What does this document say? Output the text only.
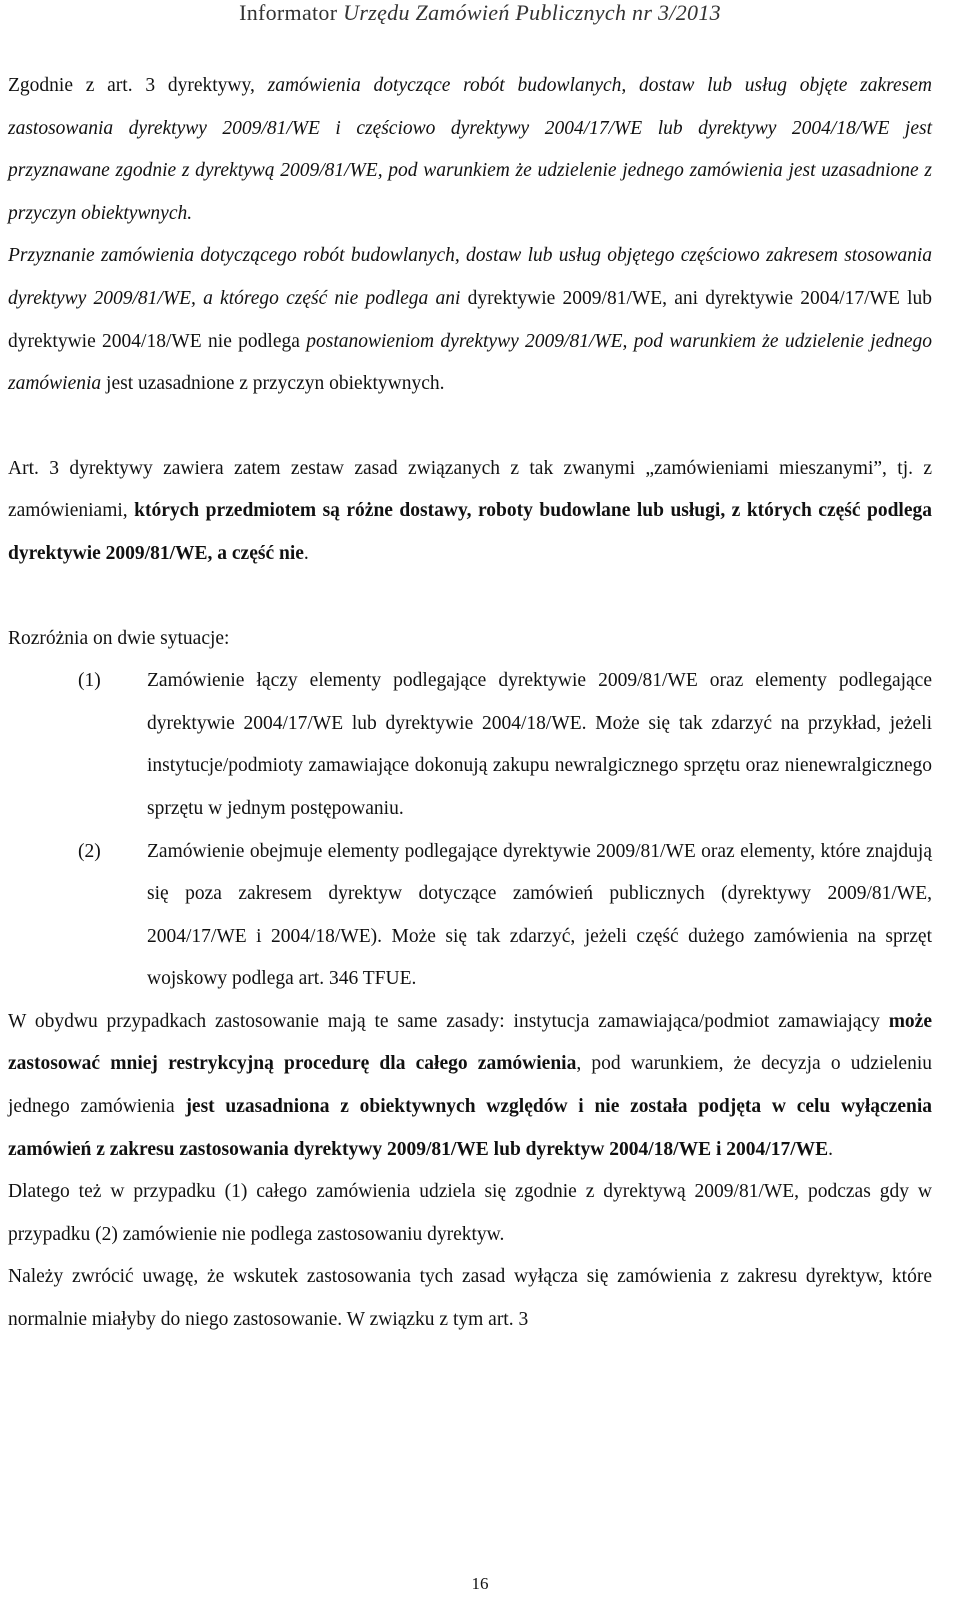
Informator Urzędu Zamówień Publicznych nr 3/2013

Zgodnie z art. 3 dyrektywy, zamówienia dotyczące robót budowlanych, dostaw lub usług objęte zakresem zastosowania dyrektywy 2009/81/WE i częściowo dyrektywy 2004/17/WE lub dyrektywy 2004/18/WE jest przyznawane zgodnie z dyrektywą 2009/81/WE, pod warunkiem że udzielenie jednego zamówienia jest uzasadnione z przyczyn obiektywnych.

Przyznanie zamówienia dotyczącego robót budowlanych, dostaw lub usług objętego częściowo zakresem stosowania dyrektywy 2009/81/WE, a którego część nie podlega ani dyrektywie 2009/81/WE, ani dyrektywie 2004/17/WE lub dyrektywie 2004/18/WE nie podlega postanowieniom dyrektywy 2009/81/WE, pod warunkiem że udzielenie jednego zamówienia jest uzasadnione z przyczyn obiektywnych.

Art. 3 dyrektywy zawiera zatem zestaw zasad związanych z tak zwanymi „zamówieniami mieszanymi”, tj. z zamówieniami, których przedmiotem są różne dostawy, roboty budowlane lub usługi, z których część podlega dyrektywie 2009/81/WE, a część nie.

Rozróżnia on dwie sytuacje:

(1)	Zamówienie łączy elementy podlegające dyrektywie 2009/81/WE oraz elementy podlegające dyrektywie 2004/17/WE lub dyrektywie 2004/18/WE. Może się tak zdarzyć na przykład, jeżeli instytucje/podmioty zamawiające dokonują zakupu newralgicznego sprzętu oraz nienewralgicznego sprzętu w jednym postępowaniu.
(2)	Zamówienie obejmuje elementy podlegające dyrektywie 2009/81/WE oraz elementy, które znajdują się poza zakresem dyrektyw dotyczące zamówień publicznych (dyrektywy 2009/81/WE, 2004/17/WE i 2004/18/WE). Może się tak zdarzyć, jeżeli część dużego zamówienia na sprzęt wojskowy podlega art. 346 TFUE.

W obydwu przypadkach zastosowanie mają te same zasady: instytucja zamawiająca/podmiot zamawiający może zastosować mniej restrykcyjną procedurę dla całego zamówienia, pod warunkiem, że decyzja o udzieleniu jednego zamówienia jest uzasadniona z obiektywnych względów i nie została podjęta w celu wyłączenia zamówień z zakresu zastosowania dyrektywy 2009/81/WE lub dyrektyw 2004/18/WE i 2004/17/WE.

Dlatego też w przypadku (1) całego zamówienia udziela się zgodnie z dyrektywą 2009/81/WE, podczas gdy w przypadku (2) zamówienie nie podlega zastosowaniu dyrektyw.

Należy zwrócić uwagę, że wskutek zastosowania tych zasad wyłącza się zamówienia z zakresu dyrektyw, które normalnie miałyby do niego zastosowanie. W związku z tym art. 3

16
